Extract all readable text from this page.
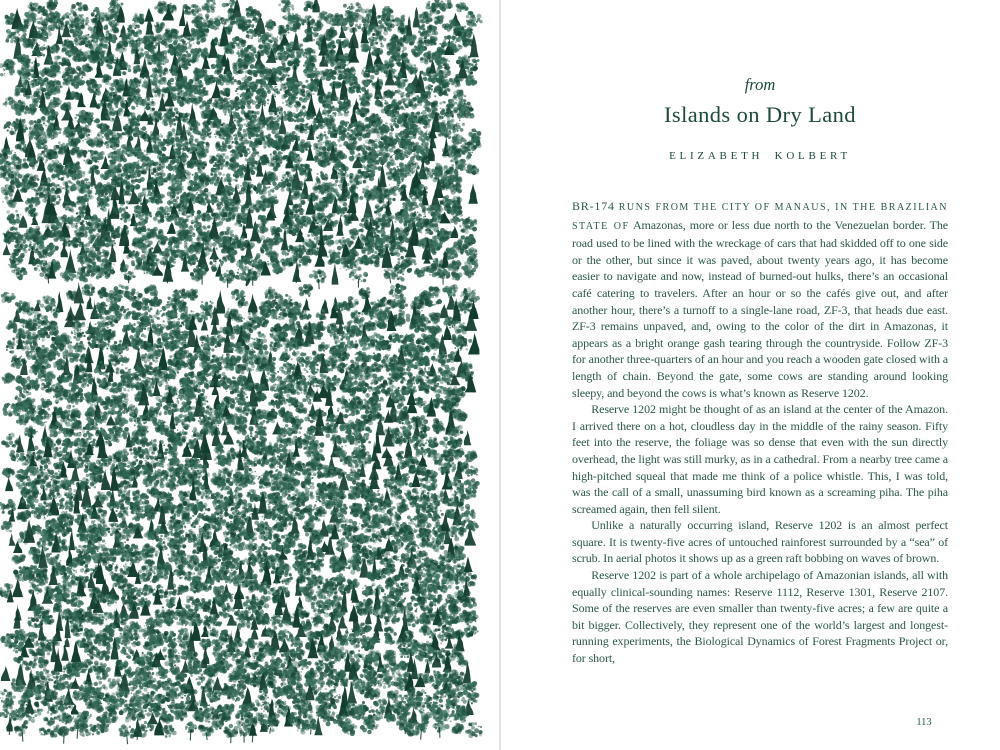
from
Islands on Dry Land
ELIZABETH KOLBERT

BR-174 RUNS FROM THE CITY OF MANAUS, IN THE BRAZILIAN STATE OF Amazonas, more or less due north to the Venezuelan border. The road used to be lined with the wreckage of cars that had skidded off to one side or the other, but since it was paved, about twenty years ago, it has become easier to navigate and now, instead of burned-out hulks, there’s an occasional café catering to travelers. After an hour or so the cafés give out, and after another hour, there’s a turnoff to a single-lane road, ZF-3, that heads due east. ZF-3 remains unpaved, and, owing to the color of the dirt in Amazonas, it appears as a bright orange gash tearing through the countryside. Follow ZF-3 for another three-quarters of an hour and you reach a wooden gate closed with a length of chain. Beyond the gate, some cows are standing around looking sleepy, and beyond the cows is what’s known as Reserve 1202.

Reserve 1202 might be thought of as an island at the center of the Amazon. I arrived there on a hot, cloudless day in the middle of the rainy season. Fifty feet into the reserve, the foliage was so dense that even with the sun directly overhead, the light was still murky, as in a cathedral. From a nearby tree came a high-pitched squeal that made me think of a police whistle. This, I was told, was the call of a small, unassuming bird known as a screaming piha. The piha screamed again, then fell silent.

Unlike a naturally occurring island, Reserve 1202 is an almost perfect square. It is twenty-five acres of untouched rainforest surrounded by a “sea” of scrub. In aerial photos it shows up as a green raft bobbing on waves of brown.

Reserve 1202 is part of a whole archipelago of Amazonian islands, all with equally clinical-sounding names: Reserve 1112, Reserve 1301, Reserve 2107. Some of the reserves are even smaller than twenty-five acres; a few are quite a bit bigger. Collectively, they represent one of the world’s largest and longest-running experiments, the Biological Dynamics of Forest Fragments Project or, for short,

113
